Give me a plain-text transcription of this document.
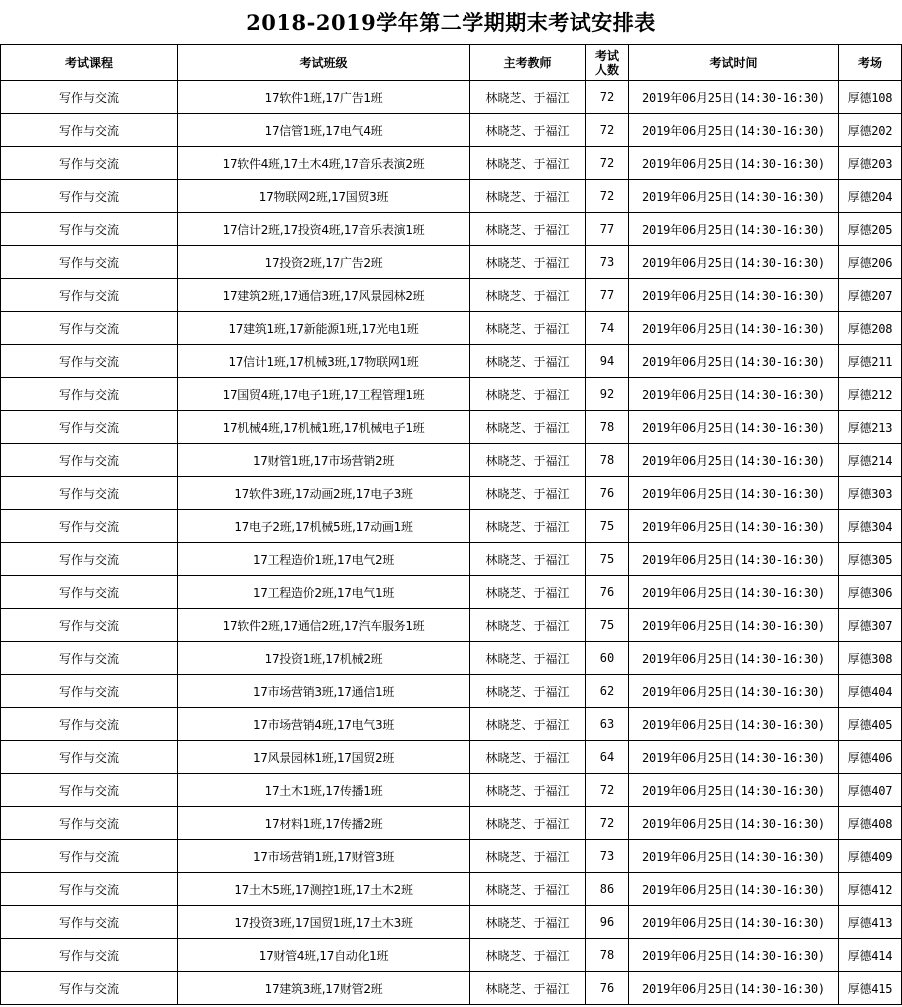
2018-2019学年第二学期期末考试安排表
考试课程	考试班级	主考教师	考试
人数	考试时间	考场
写作与交流	17软件1班,17广告1班	林晓芝、于福江	72	2019年06月25日(14:30-16:30)	厚德108
写作与交流	17信管1班,17电气4班	林晓芝、于福江	72	2019年06月25日(14:30-16:30)	厚德202
写作与交流	17软件4班,17土木4班,17音乐表演2班	林晓芝、于福江	72	2019年06月25日(14:30-16:30)	厚德203
写作与交流	17物联网2班,17国贸3班	林晓芝、于福江	72	2019年06月25日(14:30-16:30)	厚德204
写作与交流	17信计2班,17投资4班,17音乐表演1班	林晓芝、于福江	77	2019年06月25日(14:30-16:30)	厚德205
写作与交流	17投资2班,17广告2班	林晓芝、于福江	73	2019年06月25日(14:30-16:30)	厚德206
写作与交流	17建筑2班,17通信3班,17风景园林2班	林晓芝、于福江	77	2019年06月25日(14:30-16:30)	厚德207
写作与交流	17建筑1班,17新能源1班,17光电1班	林晓芝、于福江	74	2019年06月25日(14:30-16:30)	厚德208
写作与交流	17信计1班,17机械3班,17物联网1班	林晓芝、于福江	94	2019年06月25日(14:30-16:30)	厚德211
写作与交流	17国贸4班,17电子1班,17工程管理1班	林晓芝、于福江	92	2019年06月25日(14:30-16:30)	厚德212
写作与交流	17机械4班,17机械1班,17机械电子1班	林晓芝、于福江	78	2019年06月25日(14:30-16:30)	厚德213
写作与交流	17财管1班,17市场营销2班	林晓芝、于福江	78	2019年06月25日(14:30-16:30)	厚德214
写作与交流	17软件3班,17动画2班,17电子3班	林晓芝、于福江	76	2019年06月25日(14:30-16:30)	厚德303
写作与交流	17电子2班,17机械5班,17动画1班	林晓芝、于福江	75	2019年06月25日(14:30-16:30)	厚德304
写作与交流	17工程造价1班,17电气2班	林晓芝、于福江	75	2019年06月25日(14:30-16:30)	厚德305
写作与交流	17工程造价2班,17电气1班	林晓芝、于福江	76	2019年06月25日(14:30-16:30)	厚德306
写作与交流	17软件2班,17通信2班,17汽车服务1班	林晓芝、于福江	75	2019年06月25日(14:30-16:30)	厚德307
写作与交流	17投资1班,17机械2班	林晓芝、于福江	60	2019年06月25日(14:30-16:30)	厚德308
写作与交流	17市场营销3班,17通信1班	林晓芝、于福江	62	2019年06月25日(14:30-16:30)	厚德404
写作与交流	17市场营销4班,17电气3班	林晓芝、于福江	63	2019年06月25日(14:30-16:30)	厚德405
写作与交流	17风景园林1班,17国贸2班	林晓芝、于福江	64	2019年06月25日(14:30-16:30)	厚德406
写作与交流	17土木1班,17传播1班	林晓芝、于福江	72	2019年06月25日(14:30-16:30)	厚德407
写作与交流	17材料1班,17传播2班	林晓芝、于福江	72	2019年06月25日(14:30-16:30)	厚德408
写作与交流	17市场营销1班,17财管3班	林晓芝、于福江	73	2019年06月25日(14:30-16:30)	厚德409
写作与交流	17土木5班,17测控1班,17土木2班	林晓芝、于福江	86	2019年06月25日(14:30-16:30)	厚德412
写作与交流	17投资3班,17国贸1班,17土木3班	林晓芝、于福江	96	2019年06月25日(14:30-16:30)	厚德413
写作与交流	17财管4班,17自动化1班	林晓芝、于福江	78	2019年06月25日(14:30-16:30)	厚德414
写作与交流	17建筑3班,17财管2班	林晓芝、于福江	76	2019年06月25日(14:30-16:30)	厚德415
